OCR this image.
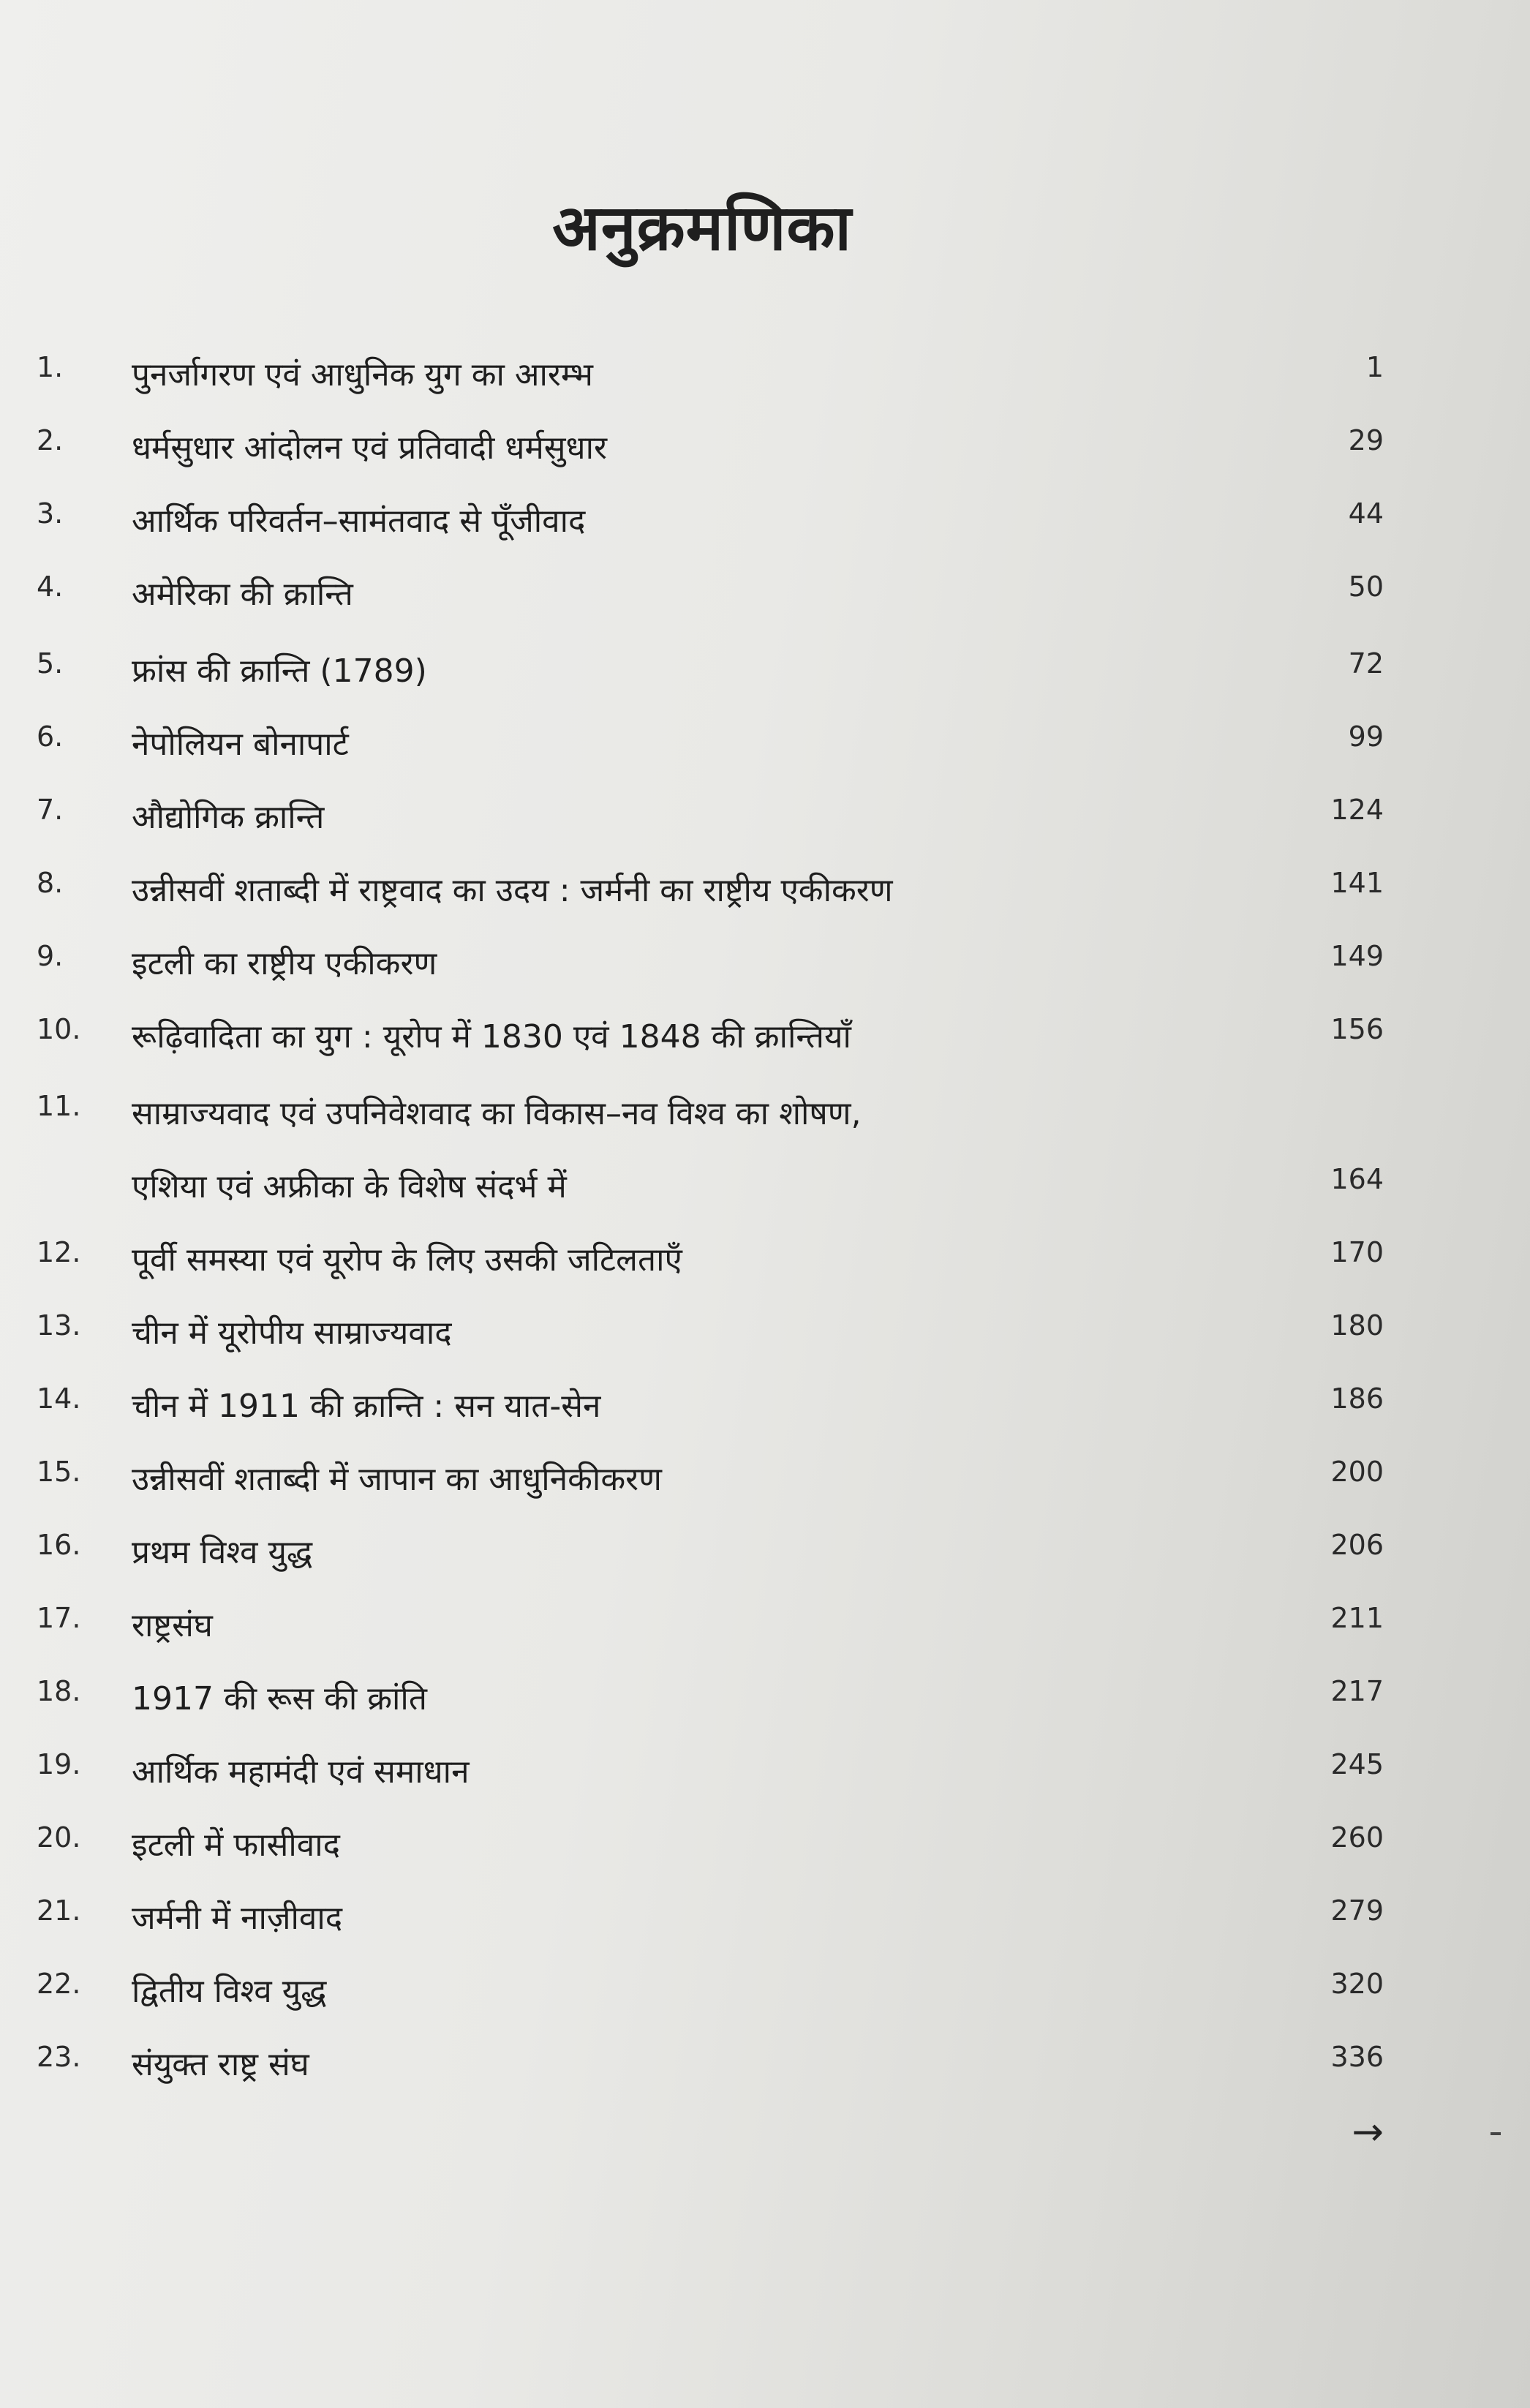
अनुक्रमणिका
1.	पुनर्जागरण एवं आधुनिक युग का आरम्भ	1
2.	धर्मसुधार आंदोलन एवं प्रतिवादी धर्मसुधार	29
3.	आर्थिक परिवर्तन–सामंतवाद से पूँजीवाद	44
4.	अमेरिका की क्रान्ति	50
5.	फ्रांस की क्रान्ति (1789)	72
6.	नेपोलियन बोनापार्ट	99
7.	औद्योगिक क्रान्ति	124
8.	उन्नीसवीं शताब्दी में राष्ट्रवाद का उदय : जर्मनी का राष्ट्रीय एकीकरण	141
9.	इटली का राष्ट्रीय एकीकरण	149
10.	रूढ़िवादिता का युग : यूरोप में 1830 एवं 1848 की क्रान्तियाँ	156
11.	साम्राज्यवाद एवं उपनिवेशवाद का विकास–नव विश्व का शोषण,
एशिया एवं अफ्रीका के विशेष संदर्भ में	164
12.	पूर्वी समस्या एवं यूरोप के लिए उसकी जटिलताएँ	170
13.	चीन में यूरोपीय साम्राज्यवाद	180
14.	चीन में 1911 की क्रान्ति : सन यात-सेन	186
15.	उन्नीसवीं शताब्दी में जापान का आधुनिकीकरण	200
16.	प्रथम विश्व युद्ध	206
17.	राष्ट्रसंघ	211
18.	1917 की रूस की क्रांति	217
19.	आर्थिक महामंदी एवं समाधान	245
20.	इटली में फासीवाद	260
21.	जर्मनी में नाज़ीवाद	279
22.	द्वितीय विश्व युद्ध	320
23.	संयुक्त राष्ट्र संघ	336
→
